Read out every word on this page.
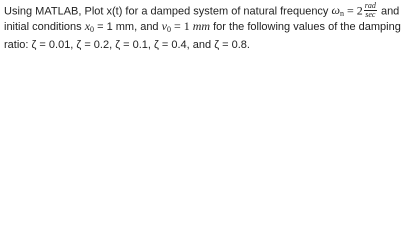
Using MATLAB, Plot x(t) for a damped system of natural frequency $\omega_n = 2 \frac{\text{rad}}{\sec}$ and
initial conditions $x_0 = 1$ mm, and $v_0 = 1$ mm for the following values of the damping
ratio: ζ = 0.01, ζ = 0.2, ζ = 0.1, ζ = 0.4, and ζ = 0.8.
